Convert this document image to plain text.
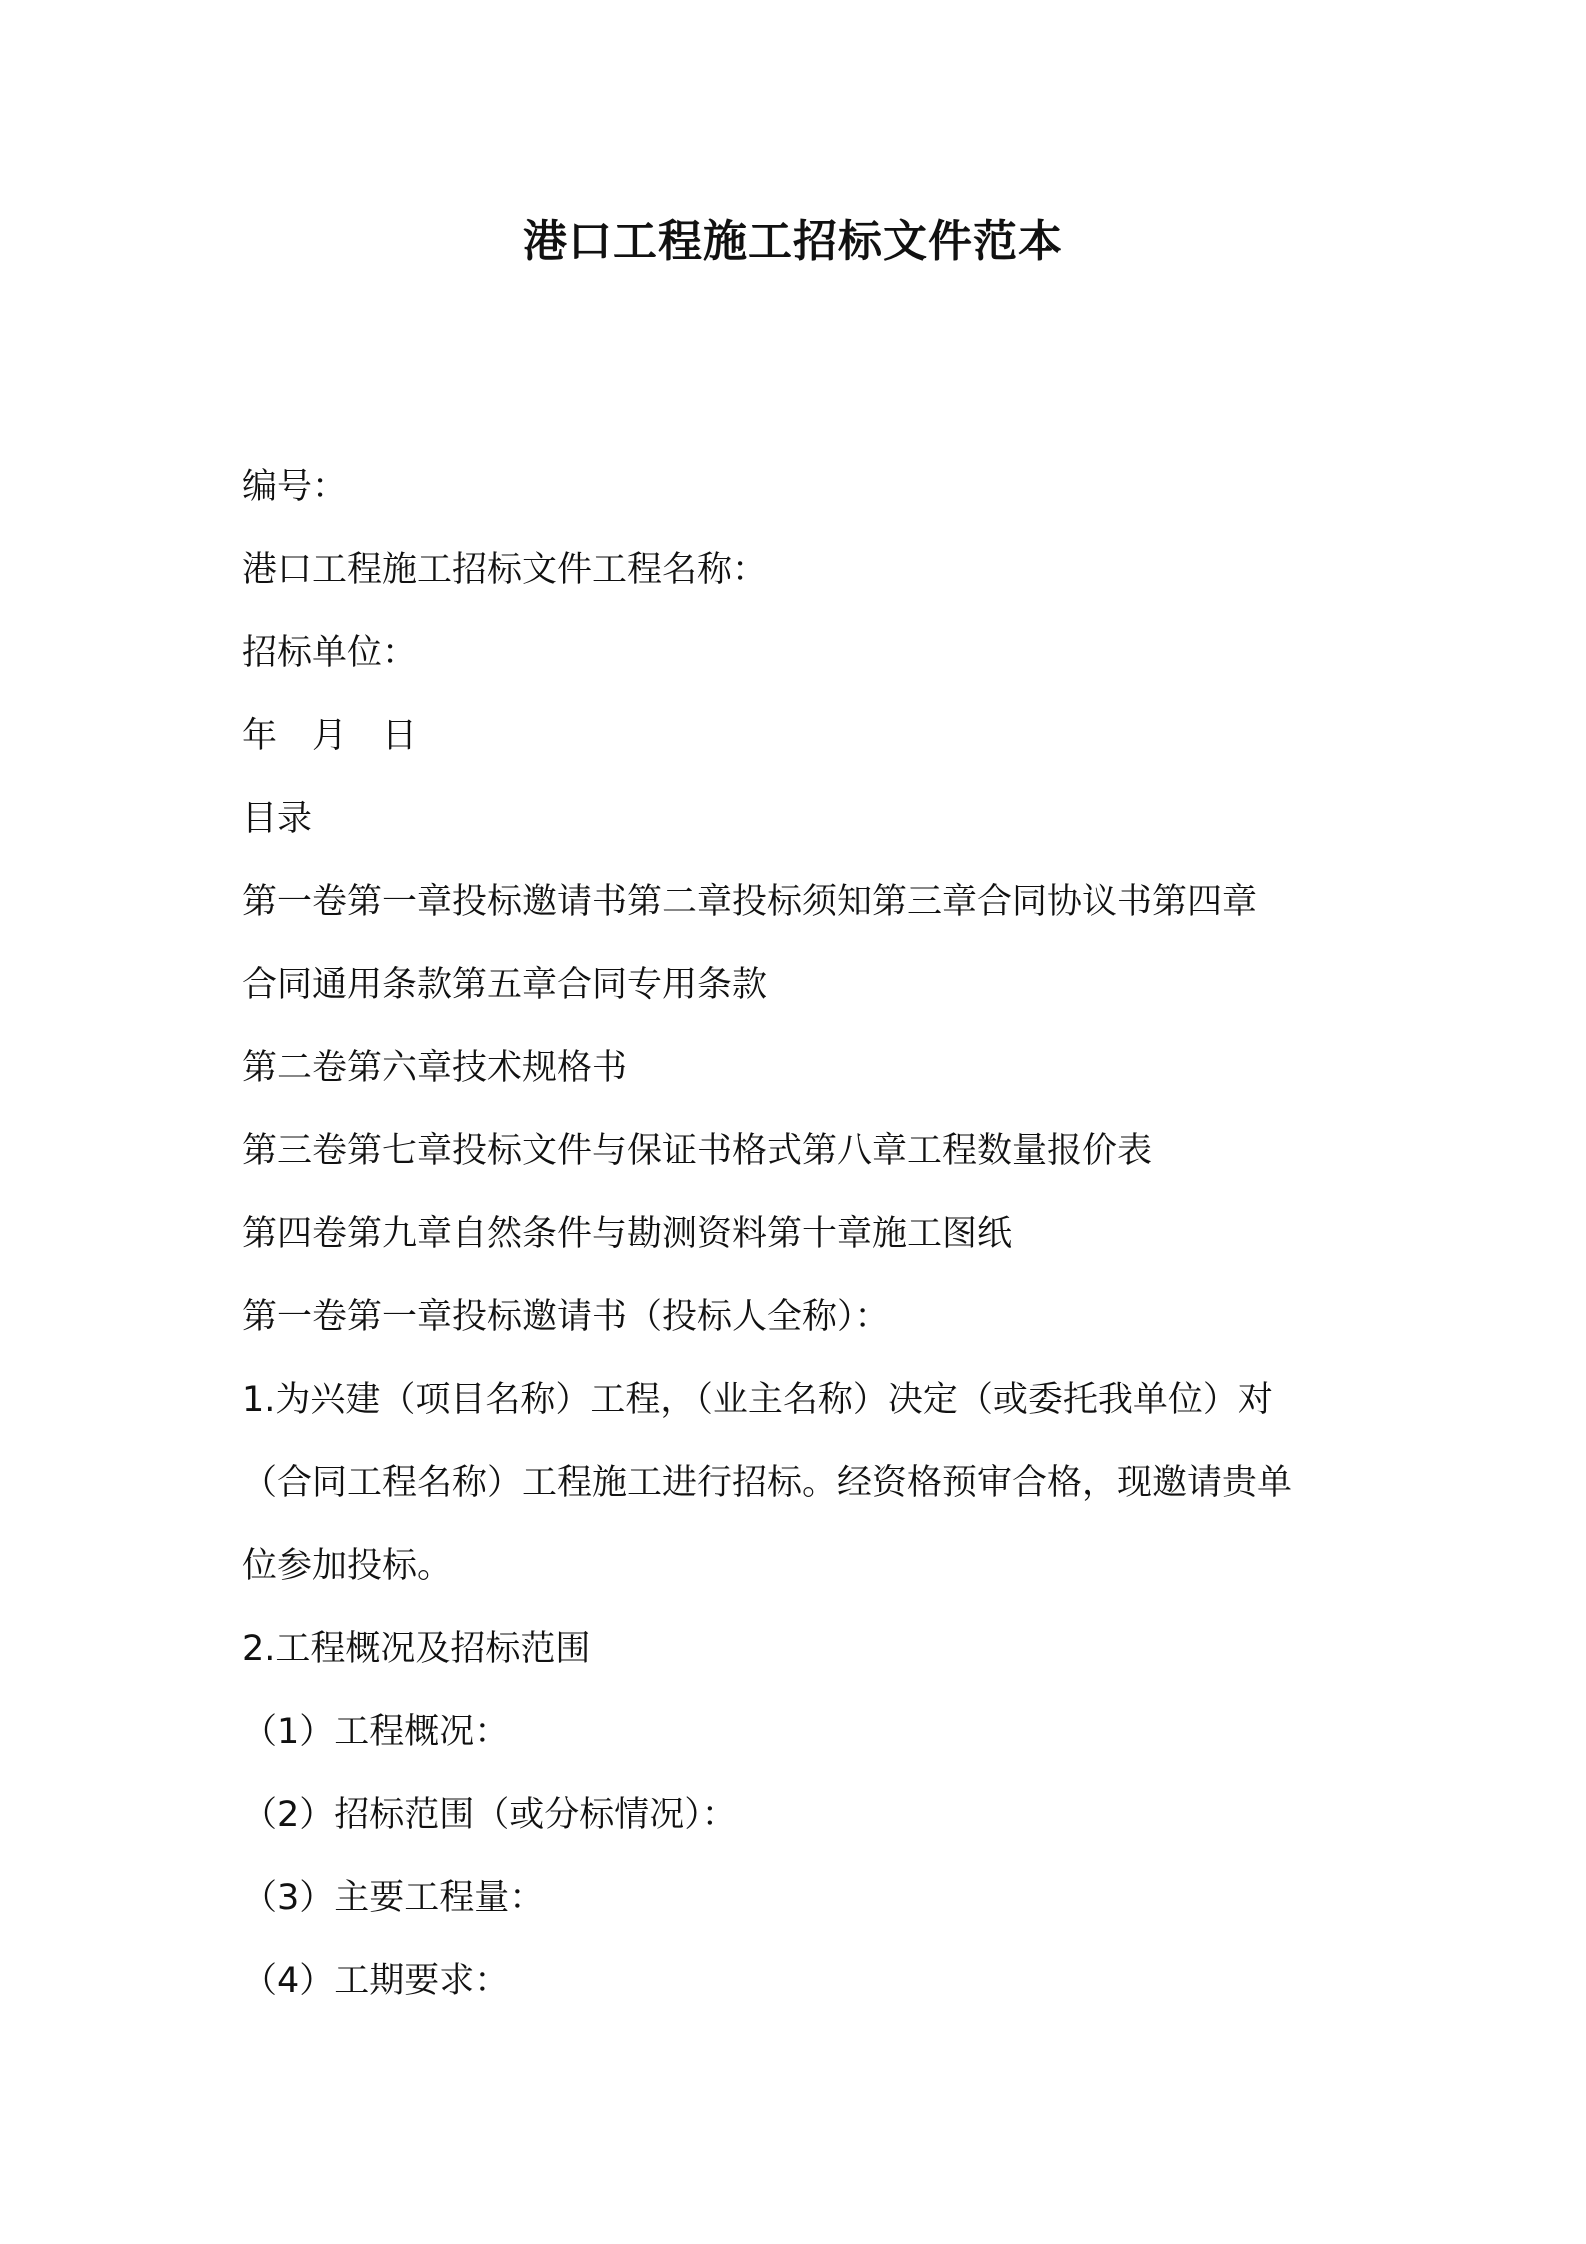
港口工程施工招标文件范本
编号：
港口工程施工招标文件工程名称：
招标单位：
年　月　日
目录
第一卷第一章投标邀请书第二章投标须知第三章合同协议书第四章
合同通用条款第五章合同专用条款
第二卷第六章技术规格书
第三卷第七章投标文件与保证书格式第八章工程数量报价表
第四卷第九章自然条件与勘测资料第十章施工图纸
第一卷第一章投标邀请书（投标人全称）：
1.为兴建（项目名称）工程，（业主名称）决定（或委托我单位）对
（合同工程名称）工程施工进行招标。经资格预审合格，现邀请贵单
位参加投标。
2.工程概况及招标范围
（1）工程概况：
（2）招标范围（或分标情况）：
（3）主要工程量：
（4）工期要求：
